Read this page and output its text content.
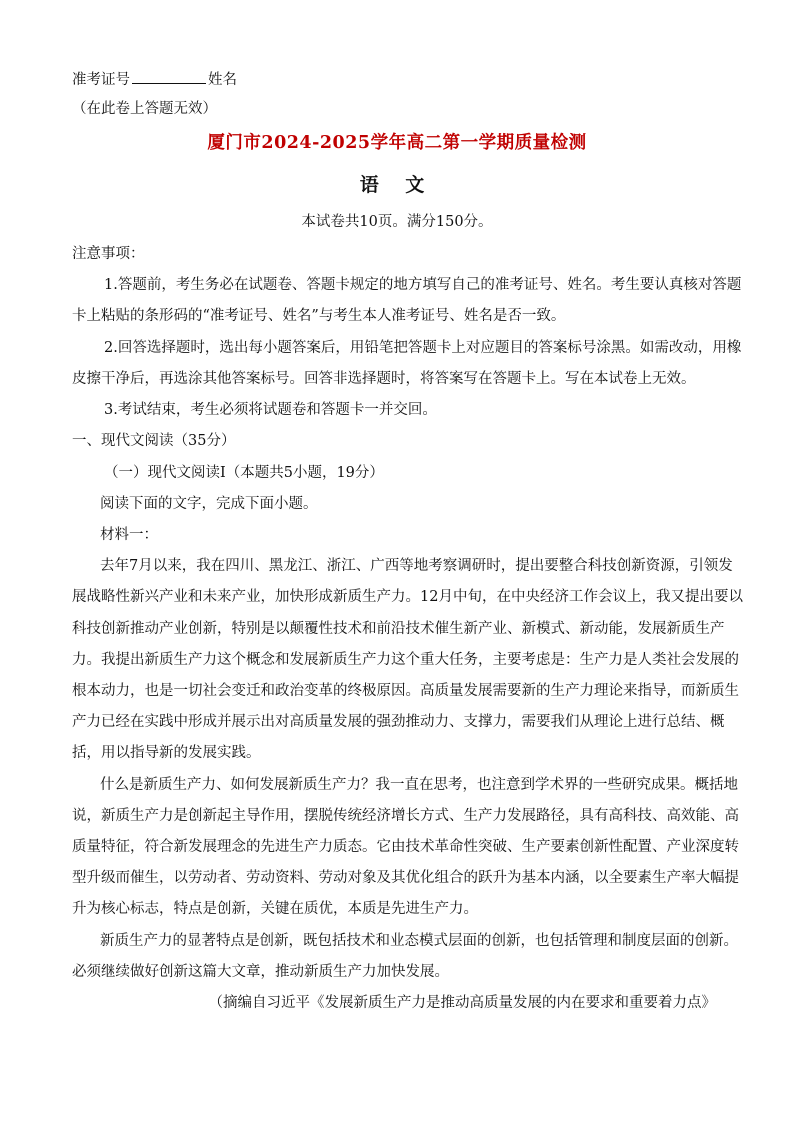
准考证号	姓名
（在此卷上答题无效）
厦门市2024-2025学年高二第一学期质量检测
语 文
本试卷共10页。满分150分。
注意事项：
1.答题前，考生务必在试题卷、答题卡规定的地方填写自己的准考证号、姓名。考生要认真核对答题
卡上粘贴的条形码的“准考证号、姓名”与考生本人准考证号、姓名是否一致。
2.回答选择题时，选出每小题答案后，用铅笔把答题卡上对应题目的答案标号涂黑。如需改动，用橡
皮擦干净后，再选涂其他答案标号。回答非选择题时，将答案写在答题卡上。写在本试卷上无效。
3.考试结束，考生必须将试题卷和答题卡一并交回。
一、现代文阅读（35分）
（一）现代文阅读Ⅰ（本题共5小题，19分）
阅读下面的文字，完成下面小题。
材料一：
去年7月以来，我在四川、黑龙江、浙江、广西等地考察调研时，提出要整合科技创新资源，引领发
展战略性新兴产业和未来产业，加快形成新质生产力。12月中旬，在中央经济工作会议上，我又提出要以
科技创新推动产业创新，特别是以颠覆性技术和前沿技术催生新产业、新模式、新动能，发展新质生产
力。我提出新质生产力这个概念和发展新质生产力这个重大任务，主要考虑是：生产力是人类社会发展的
根本动力，也是一切社会变迁和政治变革的终极原因。高质量发展需要新的生产力理论来指导，而新质生
产力已经在实践中形成并展示出对高质量发展的强劲推动力、支撑力，需要我们从理论上进行总结、概
括，用以指导新的发展实践。
什么是新质生产力、如何发展新质生产力？我一直在思考，也注意到学术界的一些研究成果。概括地
说，新质生产力是创新起主导作用，摆脱传统经济增长方式、生产力发展路径，具有高科技、高效能、高
质量特征，符合新发展理念的先进生产力质态。它由技术革命性突破、生产要素创新性配置、产业深度转
型升级而催生，以劳动者、劳动资料、劳动对象及其优化组合的跃升为基本内涵，以全要素生产率大幅提
升为核心标志，特点是创新，关键在质优，本质是先进生产力。
新质生产力的显著特点是创新，既包括技术和业态模式层面的创新，也包括管理和制度层面的创新。
必须继续做好创新这篇大文章，推动新质生产力加快发展。
（摘编自习近平《发展新质生产力是推动高质量发展的内在要求和重要着力点》
